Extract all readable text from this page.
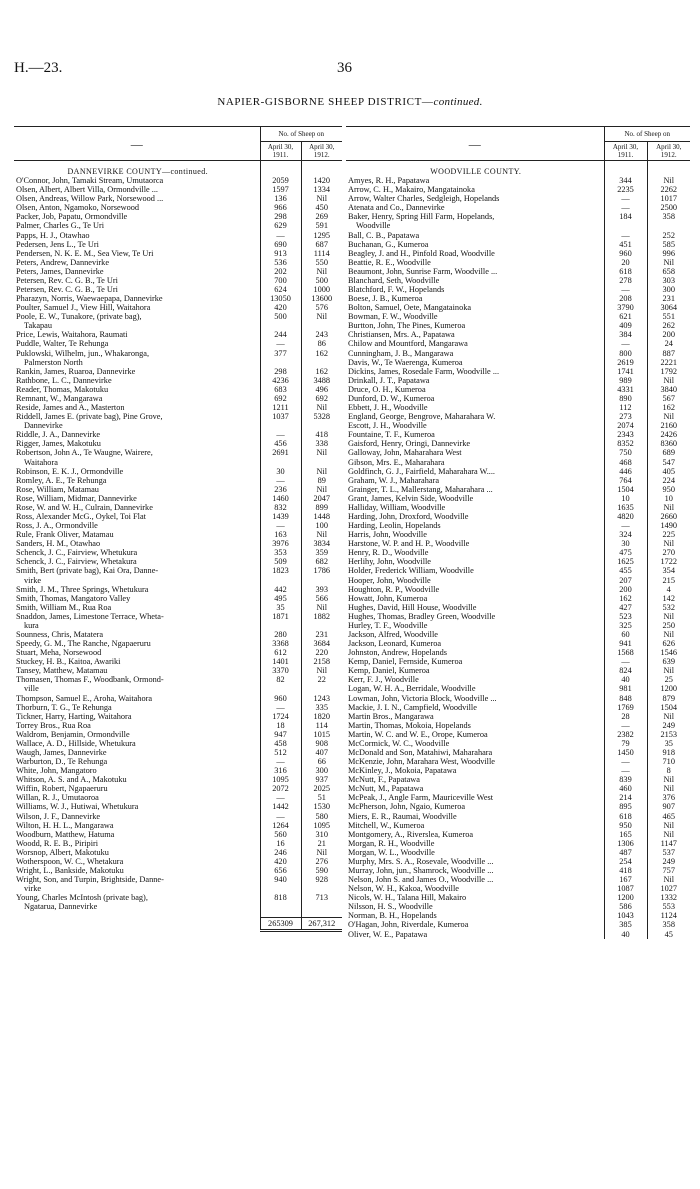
H.—23.	36
NAPIER-GISBORNE SHEEP DISTRICT—continued.
—	No. of Sheep on	
	April 30, 1911.	April 30, 1912.
DANNEVIRKE COUNTY—continued.		
O'Connor, John, Tamaki Stream, Umutaorca	2059	1420
Olsen, Albert, Albert Villa, Ormondville ...	1597	1334
Olsen, Andreas, Willow Park, Norsewood ...	136	Nil
Olsen, Anton, Ngamoko, Norsewood	966	450
Packer, Job, Papatu, Ormondville	298	269
Palmer, Charles G., Te Uri	629	591
Papps, H. J., Otawhao	—	1295
Pedersen, Jens L., Te Uri	690	687
Pendersen, N. K. E. M., Sea View, Te Uri	913	1114
Peters, Andrew, Dannevirke	536	550
Peters, James, Dannevirke	202	Nil
Petersen, Rev. C. G. B., Te Uri	700	500
Petersen, Rev. C. G. B., Te Uri	624	1000
Pharazyn, Norris, Waewaepapa, Dannevirke	13050	13600
Poulter, Samuel J., View Hill, Waitahora	420	576
Poole, E. W., Tunakore, (private bag),	500	Nil
Takapau		
Price, Lewis, Waitahora, Raumati	244	243
Puddle, Walter, Te Rehunga	—	86
Puklowski, Wilhelm, jun., Whakaronga,	377	162
Palmerston North		
Rankin, James, Ruaroa, Dannevirke	298	162
Rathbone, L. C., Dannevirke	4236	3488
Reader, Thomas, Makotuku	683	496
Remnant, W., Mangarawa	692	692
Reside, James and A., Masterton	1211	Nil
Riddell, James E. (private bag), Pine Grove,	1037	5328
Dannevirke		
Riddle, J. A., Dannevirke	—	418
Rigger, James, Makotuku	456	338
Robertson, John A., Te Waugne, Wairere,	2691	Nil
Waitahora		
Robinson, E. K. J., Ormondville	30	Nil
Romley, A. E., Te Rehunga	—	89
Rose, William, Matamau	236	Nil
Rose, William, Midmar, Dannevirke	1460	2047
Rose, W. and W. H., Culrain, Dannevirke	832	899
Ross, Alexander McG., Oykel, Toi Flat	1439	1448
Ross, J. A., Ormondville	—	100
Rule, Frank Oliver, Matamau	163	Nil
Sanders, H. M., Otawhao	3976	3834
Schenck, J. C., Fairview, Whetukura	353	359
Schenck, J. C., Fairview, Whetakura	509	682
Smith, Bert (private bag), Kai Ora, Danne-	1823	1786
virke		
Smith, J. M., Three Springs, Whetukura	442	393
Smith, Thomas, Mangatoro Valley	495	566
Smith, William M., Rua Roa	35	Nil
Snaddon, James, Limestone Terrace, Wheta-	1871	1882
kura		
Sounness, Chris, Matatera	280	231
Speedy, G. M., The Ranche, Ngapaeruru	3368	3684
Stuart, Meha, Norsewood	612	220
Stuckey, H. B., Kaitoa, Awariki	1401	2158
Tansey, Matthew, Matamau	3370	Nil
Thomasen, Thomas F., Woodbank, Ormond-	82	22
ville		
Thompson, Samuel E., Aroha, Waitahora	960	1243
Thorburn, T. G., Te Rehunga	—	335
Tickner, Harry, Harting, Waitahora	1724	1820
Torrey Bros., Rua Roa	18	114
Waldrom, Benjamin, Ormondville	947	1015
Wallace, A. D., Hillside, Whetukura	458	908
Waugh, James, Dannevirke	512	407
Warburton, D., Te Rehunga	—	66
White, John, Mangatoro	316	300
Whitson, A. S. and A., Makotuku	1095	937
Wiffin, Robert, Ngapaeruru	2072	2025
Willan, R. J., Umutaoroa	—	51
Williams, W. J., Hutiwai, Whetukura	1442	1530
Wilson, J. F., Dannevirke	—	580
Wilton, H. H. L., Mangarawa	1264	1095
Woodburn, Matthew, Hatuma	560	310
Woodd, R. E. B., Piripiri	16	21
Worsnop, Albert, Makotuku	246	Nil
Wotherspoon, W. C., Whetakura	420	276
Wright, L., Bankside, Makotuku	656	590
Wright, Son, and Turpin, Brightside, Danne-	940	928
virke		
Young, Charles McIntosh (private bag),	818	713
Ngatarua, Dannevirke		

	265309	267,312
—	No. of Sheep on	
	April 30, 1911.	April 30, 1912.
WOODVILLE COUNTY.		
Amyes, R. H., Papatawa	344	Nil
Arrow, C. H., Makairo, Mangatainoka	2235	2262
Arrow, Walter Charles, Sedgleigh, Hopelands	—	1017
Atenata and Co., Dannevirke	—	2500
Baker, Henry, Spring Hill Farm, Hopelands,	184	358
Woodville		
Ball, C. B., Papatawa	—	252
Buchanan, G., Kumeroa	451	585
Beagley, J. and H., Pinfold Road, Woodville	960	996
Beattie, R. E., Woodville	20	Nil
Beaumont, John, Sunrise Farm, Woodville ...	618	658
Blanchard, Seth, Woodville	278	303
Blatchford, F. W., Hopelands	—	300
Boese, J. B., Kumeroa	208	231
Bolton, Samuel, Oete, Mangatainoka	3790	3064
Bowman, F. W., Woodville	621	551
Burtton, John, The Pines, Kumeroa	409	262
Christiansen, Mrs. A., Papatawa	384	200
Chilow and Mountford, Mangarawa	—	24
Cunningham, J. B., Mangarawa	800	887
Davis, W., Te Waerenga, Kumeroa	2619	2221
Dickins, James, Rosedale Farm, Woodville ...	1741	1792
Drinkall, J. T., Papatawa	989	Nil
Druce, O. H., Kumeroa	4331	3840
Dunford, D. W., Kumeroa	890	567
Ebbett, J. H., Woodville	112	162
England, George, Bengrove, Maharahara W.	273	Nil
Escott, J. H., Woodville	2074	2160
Fountaine, T. F., Kumeroa	2343	2426
Gaisford, Henry, Oringi, Dannevirke	8352	8360
Galloway, John, Maharahara West	750	689
Gibson, Mrs. E., Maharahara	468	547
Goldfinch, G. J., Fairfield, Maharahara W....	446	405
Graham, W. J., Maharahara	764	224
Grainger, T. L., Mallerstang, Maharahara ...	1504	950
Grant, James, Kelvin Side, Woodville	10	10
Halliday, William, Woodville	1635	Nil
Harding, John, Droxford, Woodville	4820	2660
Harding, Leolin, Hopelands	—	1490
Harris, John, Woodville	324	225
Harstone, W. P. and H. P., Woodville	30	Nil
Henry, R. D., Woodville	475	270
Herlihy, John, Woodville	1625	1722
Holder, Frederick William, Woodville	455	354
Hooper, John, Woodville	207	215
Houghton, R. P., Woodville	200	4
Howatt, John, Kumeroa	162	142
Hughes, David, Hill House, Woodville	427	532
Hughes, Thomas, Bradley Green, Woodville	523	Nil
Hurley, T. F., Woodville	325	250
Jackson, Alfred, Woodville	60	Nil
Jackson, Leonard, Kumeroa	941	626
Johnston, Andrew, Hopelands	1568	1546
Kemp, Daniel, Fernside, Kumeroa	—	639
Kemp, Daniel, Kumeroa	824	Nil
Kerr, F. J., Woodville	40	25
Logan, W. H. A., Berridale, Woodville	981	1200
Lowman, John, Victoria Block, Woodville ...	848	879
Mackie, J. I. N., Campfield, Woodville	1769	1504
Martin Bros., Mangarawa	28	Nil
Martin, Thomas, Mokoia, Hopelands	—	249
Martin, W. C. and W. E., Orope, Kumeroa	2382	2153
McCormick, W. C., Woodville	79	35
McDonald and Son, Matahiwi, Maharahara	1450	918
McKenzie, John, Marahara West, Woodville	—	710
McKinley, J., Mokoia, Papatawa	—	8
McNutt, F., Papatawa	839	Nil
McNutt, M., Papatawa	460	Nil
McPeak, J., Angle Farm, Mauriceville West	214	376
McPherson, John, Ngaio, Kumeroa	895	907
Miers, E. R., Raumai, Woodville	618	465
Mitchell, W., Kumeroa	950	Nil
Montgomery, A., Riverslea, Kumeroa	165	Nil
Morgan, R. H., Woodville	1306	1147
Morgan, W. L., Woodville	487	537
Murphy, Mrs. S. A., Rosevale, Woodville ...	254	249
Murray, John, jun., Shamrock, Woodville ...	418	757
Nelson, John S. and James O., Woodville ...	167	Nil
Nelson, W. H., Kakoa, Woodville	1087	1027
Nicols, W. H., Talana Hill, Makairo	1200	1332
Nilsson, H. S., Woodville	586	553
Norman, B. H., Hopelands	1043	1124
O'Hagan, John, Riverdale, Kumeroa	385	358
Oliver, W. E., Papatawa	40	45
